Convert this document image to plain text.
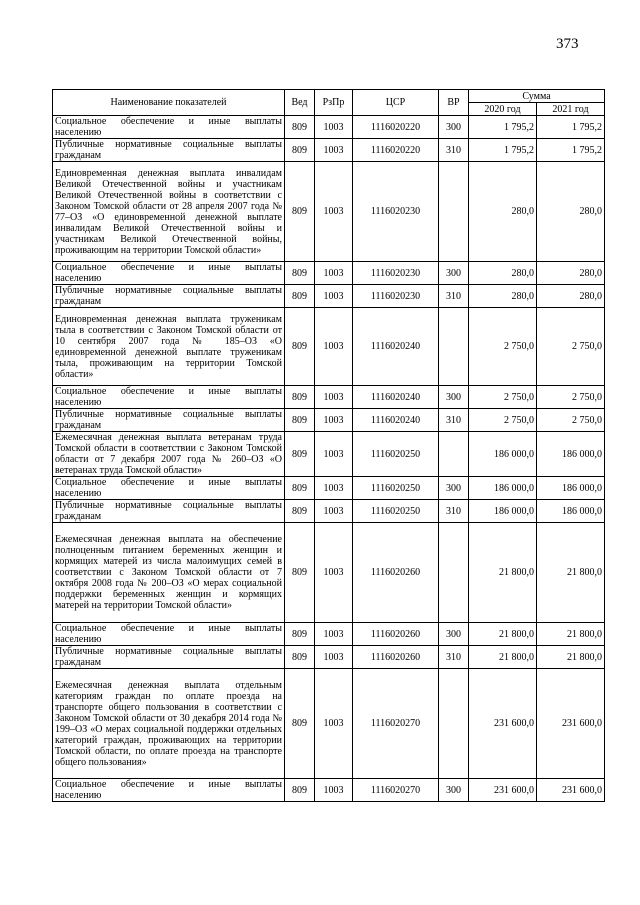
373
Наименование показателей	Вед	РзПр	ЦСР	ВР	Сумма	
					2020 год	2021 год
Социальное обеспечение и иные выплаты населению	809	1003	1116020220	300	1 795,2	1 795,2
Публичные нормативные социальные выплаты гражданам	809	1003	1116020220	310	1 795,2	1 795,2
Единовременная денежная выплата инвалидам Великой Отечественной войны и участникам Великой Отечественной войны в соответствии с Законом Томской области от 28 апреля 2007 года № 77–ОЗ «О единовременной денежной выплате инвалидам Великой Отечественной войны и участникам Великой Отечественной войны, проживающим на территории Томской области»	809	1003	1116020230		280,0	280,0
Социальное обеспечение и иные выплаты населению	809	1003	1116020230	300	280,0	280,0
Публичные нормативные социальные выплаты гражданам	809	1003	1116020230	310	280,0	280,0
Единовременная денежная выплата труженикам тыла в соответствии с Законом Томской области от 10 сентября 2007 года № 185–ОЗ «О единовременной денежной выплате труженикам тыла, проживающим на территории Томской области»	809	1003	1116020240		2 750,0	2 750,0
Социальное обеспечение и иные выплаты населению	809	1003	1116020240	300	2 750,0	2 750,0
Публичные нормативные социальные выплаты гражданам	809	1003	1116020240	310	2 750,0	2 750,0
Ежемесячная денежная выплата ветеранам труда Томской области в соответствии с Законом Томской области от 7 декабря 2007 года № 260–ОЗ «О ветеранах труда Томской области»	809	1003	1116020250		186 000,0	186 000,0
Социальное обеспечение и иные выплаты населению	809	1003	1116020250	300	186 000,0	186 000,0
Публичные нормативные социальные выплаты гражданам	809	1003	1116020250	310	186 000,0	186 000,0
Ежемесячная денежная выплата на обеспечение полноценным питанием беременных женщин и кормящих матерей из числа малоимущих семей в соответствии с Законом Томской области от 7 октября 2008 года № 200–ОЗ «О мерах социальной поддержки беременных женщин и кормящих матерей на территории Томской области»	809	1003	1116020260		21 800,0	21 800,0
Социальное обеспечение и иные выплаты населению	809	1003	1116020260	300	21 800,0	21 800,0
Публичные нормативные социальные выплаты гражданам	809	1003	1116020260	310	21 800,0	21 800,0
Ежемесячная денежная выплата отдельным категориям граждан по оплате проезда на транспорте общего пользования в соответствии с Законом Томской области от 30 декабря 2014 года № 199–ОЗ «О мерах социальной поддержки отдельных категорий граждан, проживающих на территории Томской области, по оплате проезда на транспорте общего пользования»	809	1003	1116020270		231 600,0	231 600,0
Социальное обеспечение и иные выплаты населению	809	1003	1116020270	300	231 600,0	231 600,0
